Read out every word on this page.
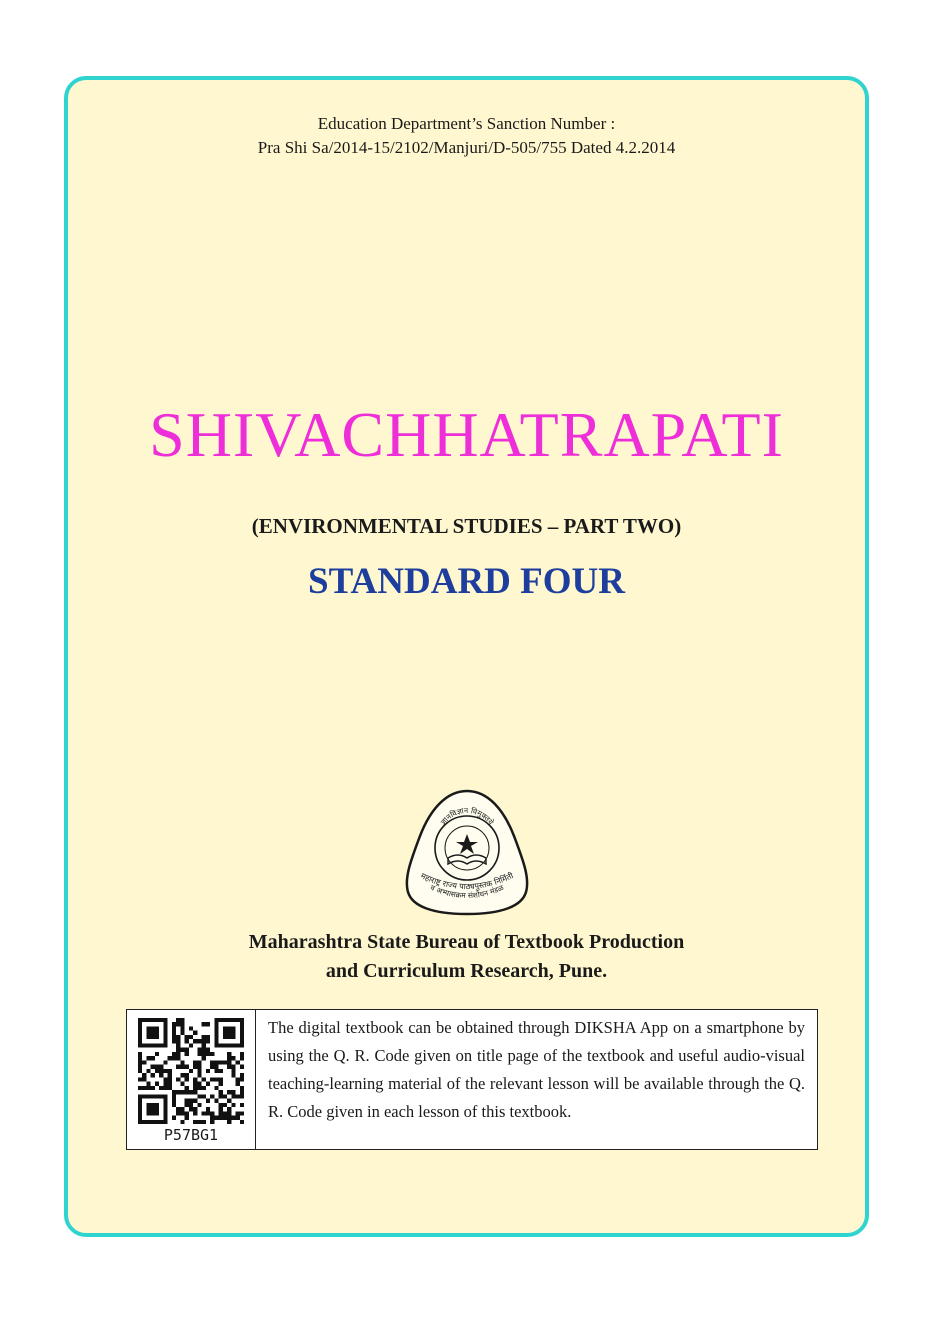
Education Department’s Sanction Number :
Pra Shi Sa/2014-15/2102/Manjuri/D-505/755 Dated 4.2.2014
SHIVACHHATRAPATI
(ENVIRONMENTAL STUDIES – PART TWO)
STANDARD FOUR
ज्ञानविज्ञान विमुक्तये
महाराष्ट्र राज्य पाठ्यपुस्तक निर्मिती
व अभ्यासक्रम संशोधन मंडळ
Maharashtra State Bureau of Textbook Production
and Curriculum Research, Pune.
P57BG1
The digital textbook can be obtained through DIKSHA App on a smartphone by using the Q. R. Code given on title page of the textbook and useful audio-visual teaching-learning material of the relevant lesson will be available through the Q. R. Code given in each lesson of this textbook.
